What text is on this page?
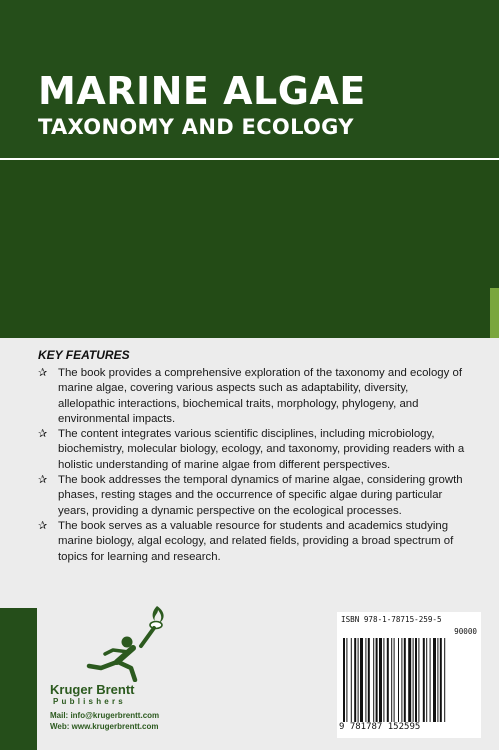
MARINE ALGAE
TAXONOMY AND ECOLOGY
KEY FEATURES
✰ The book provides a comprehensive exploration of the taxonomy and ecology of marine algae, covering various aspects such as adaptability, diversity, allelopathic interactions, biochemical traits, morphology, phylogeny, and environmental impacts.
✰ The content integrates various scientific disciplines, including microbiology, biochemistry, molecular biology, ecology, and taxonomy, providing readers with a holistic understanding of marine algae from different perspectives.
✰ The book addresses the temporal dynamics of marine algae, considering growth phases, resting stages and the occurrence of specific algae during particular years, providing a dynamic perspective on the ecological processes.
✰ The book serves as a valuable resource for students and academics studying marine biology, algal ecology, and related fields, providing a broad spectrum of topics for learning and research.
Kruger Brentt
Publishers
Mail: info@krugerbrentt.com
Web: www.krugerbrentt.com
ISBN 978-1-78715-259-5
90000
9 781787 152595
